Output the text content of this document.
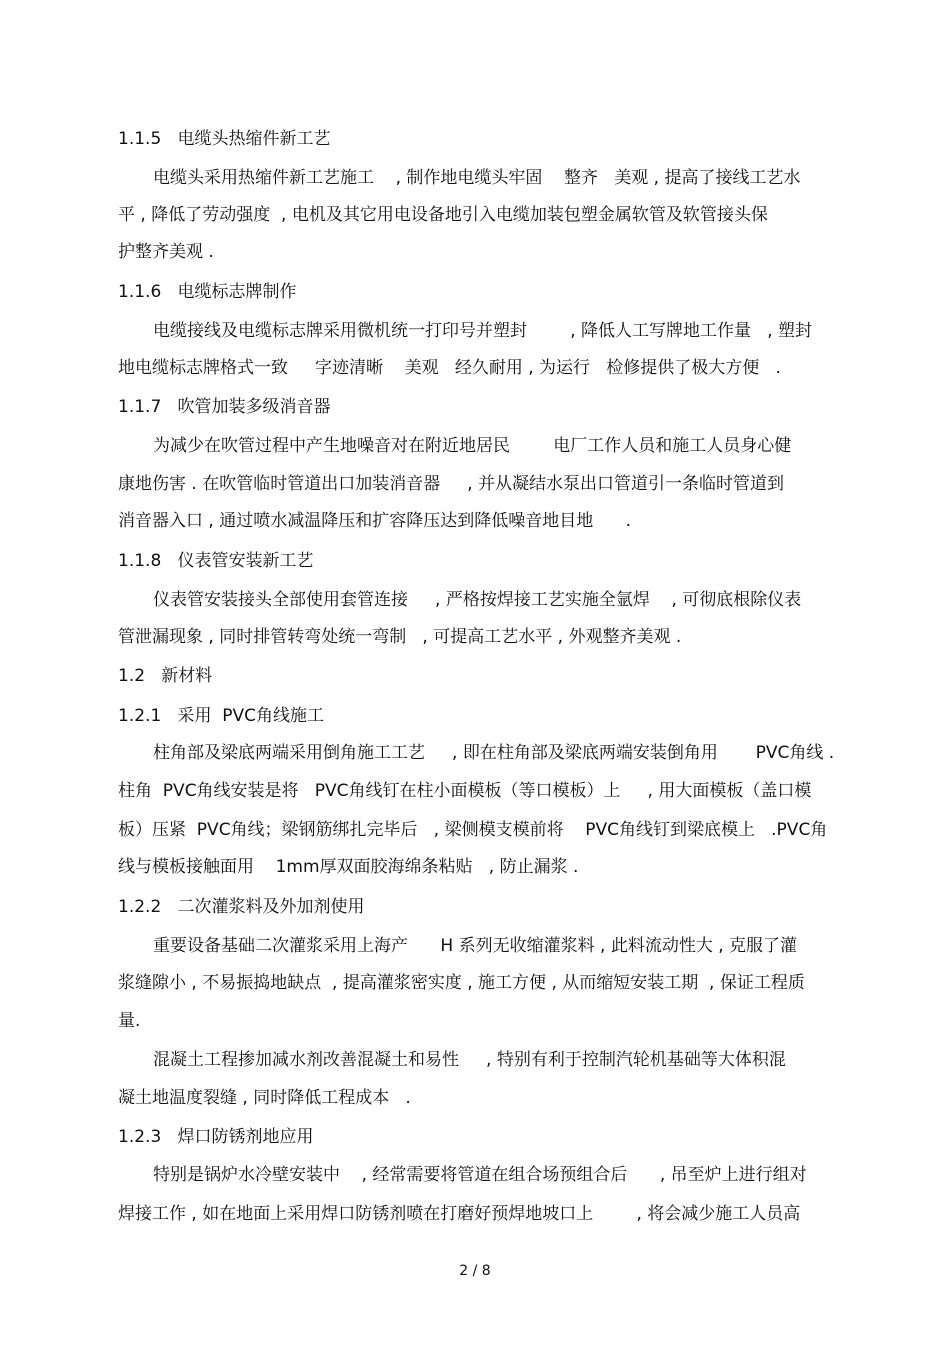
1.1.5   电缆头热缩件新工艺
电缆头采用热缩件新工艺施工    , 制作地电缆头牢固    整齐   美观 , 提高了接线工艺水
平 , 降低了劳动强度  , 电机及其它用电设备地引入电缆加装包塑金属软管及软管接头保
护整齐美观 .
1.1.6   电缆标志牌制作
电缆接线及电缆标志牌采用微机统一打印号并塑封        , 降低人工写牌地工作量   , 塑封
地电缆标志牌格式一致     字迹清晰    美观   经久耐用 , 为运行   检修提供了极大方便   .
1.1.7   吹管加装多级消音器
为减少在吹管过程中产生地噪音对在附近地居民        电厂工作人员和施工人员身心健
康地伤害 . 在吹管临时管道出口加装消音器     , 并从凝结水泵出口管道引一条临时管道到
消音器入口 , 通过喷水减温降压和扩容降压达到降低噪音地目地      .
1.1.8   仪表管安装新工艺
仪表管安装接头全部使用套管连接     , 严格按焊接工艺实施全氩焊    , 可彻底根除仪表
管泄漏现象 , 同时排管转弯处统一弯制   , 可提高工艺水平 , 外观整齐美观 .
1.2   新材料
1.2.1   采用  PVC角线施工
柱角部及梁底两端采用倒角施工工艺     , 即在柱角部及梁底两端安装倒角用       PVC角线 .
柱角  PVC角线安装是将   PVC角线钉在柱小面模板（等口模板）上     , 用大面模板（盖口模
板）压紧  PVC角线；梁钢筋绑扎完毕后   , 梁侧模支模前将    PVC角线钉到梁底模上   .PVC角
线与模板接触面用    1mm厚双面胶海绵条粘贴   , 防止漏浆 .
1.2.2   二次灌浆料及外加剂使用
重要设备基础二次灌浆采用上海产      H 系列无收缩灌浆料 , 此料流动性大 , 克服了灌
浆缝隙小 , 不易振捣地缺点  , 提高灌浆密实度 , 施工方便 , 从而缩短安装工期  , 保证工程质
量.
混凝土工程掺加减水剂改善混凝土和易性     , 特别有利于控制汽轮机基础等大体积混
凝土地温度裂缝 , 同时降低工程成本   .
1.2.3   焊口防锈剂地应用
特别是锅炉水冷壁安装中    , 经常需要将管道在组合场预组合后      , 吊至炉上进行组对
焊接工作 , 如在地面上采用焊口防锈剂喷在打磨好预焊地坡口上        , 将会减少施工人员高
2 / 8
